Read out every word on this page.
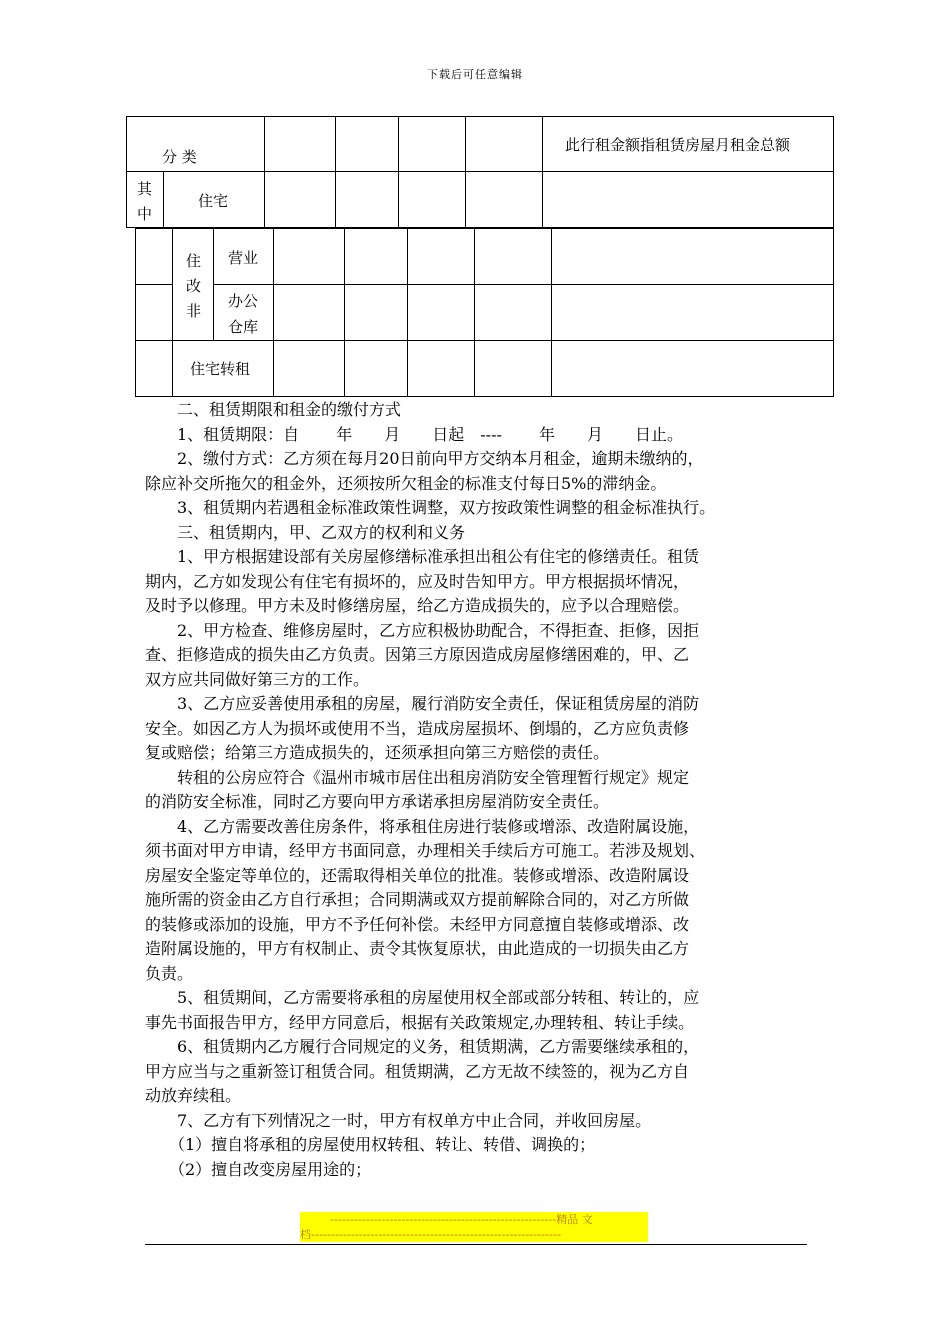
下载后可任意编辑
分 类
此行租金额指租赁房屋月租金总额
其
中
住宅
住
改
非
营业
办公
仓库
住宅转租

二、租赁期限和租金的缴付方式

1、租赁期限：自　　 年　　月　　日起　----　　 年　　月　　日止。

2、缴付方式：乙方须在每月20日前向甲方交纳本月租金，逾期未缴纳的，

除应补交所拖欠的租金外，还须按所欠租金的标准支付每日5%的滞纳金。

3、租赁期内若遇租金标准政策性调整，双方按政策性调整的租金标准执行。

三、租赁期内，甲、乙双方的权利和义务

1、甲方根据建设部有关房屋修缮标准承担出租公有住宅的修缮责任。租赁

期内，乙方如发现公有住宅有损坏的，应及时告知甲方。甲方根据损坏情况，

及时予以修理。甲方未及时修缮房屋，给乙方造成损失的，应予以合理赔偿。

2、甲方检查、维修房屋时，乙方应积极协助配合，不得拒查、拒修，因拒

查、拒修造成的损失由乙方负责。因第三方原因造成房屋修缮困难的，甲、乙

双方应共同做好第三方的工作。

3、乙方应妥善使用承租的房屋，履行消防安全责任，保证租赁房屋的消防

安全。如因乙方人为损坏或使用不当，造成房屋损坏、倒塌的，乙方应负责修

复或赔偿；给第三方造成损失的，还须承担向第三方赔偿的责任。

转租的公房应符合《温州市城市居住出租房消防安全管理暂行规定》规定

的消防安全标准，同时乙方要向甲方承诺承担房屋消防安全责任。

4、乙方需要改善住房条件，将承租住房进行装修或增添、改造附属设施，

须书面对甲方申请，经甲方书面同意，办理相关手续后方可施工。若涉及规划、

房屋安全鉴定等单位的，还需取得相关单位的批准。装修或增添、改造附属设

施所需的资金由乙方自行承担；合同期满或双方提前解除合同的，对乙方所做

的装修或添加的设施，甲方不予任何补偿。未经甲方同意擅自装修或增添、改

造附属设施的，甲方有权制止、责令其恢复原状，由此造成的一切损失由乙方

负责。

5、租赁期间，乙方需要将承租的房屋使用权全部或部分转租、转让的，应

事先书面报告甲方，经甲方同意后，根据有关政策规定,办理转租、转让手续。

6、租赁期内乙方履行合同规定的义务，租赁期满，乙方需要继续承租的，

甲方应当与之重新签订租赁合同。租赁期满，乙方无故不续签的，视为乙方自

动放弃续租。

7、乙方有下列情况之一时，甲方有权单方中止合同，并收回房屋。

（1）擅自将承租的房屋使用权转租、转让、转借、调换的；

（2）擅自改变房屋用途的；

---------------------------------------------------------精品 文
档---------------------------------------------------------------
